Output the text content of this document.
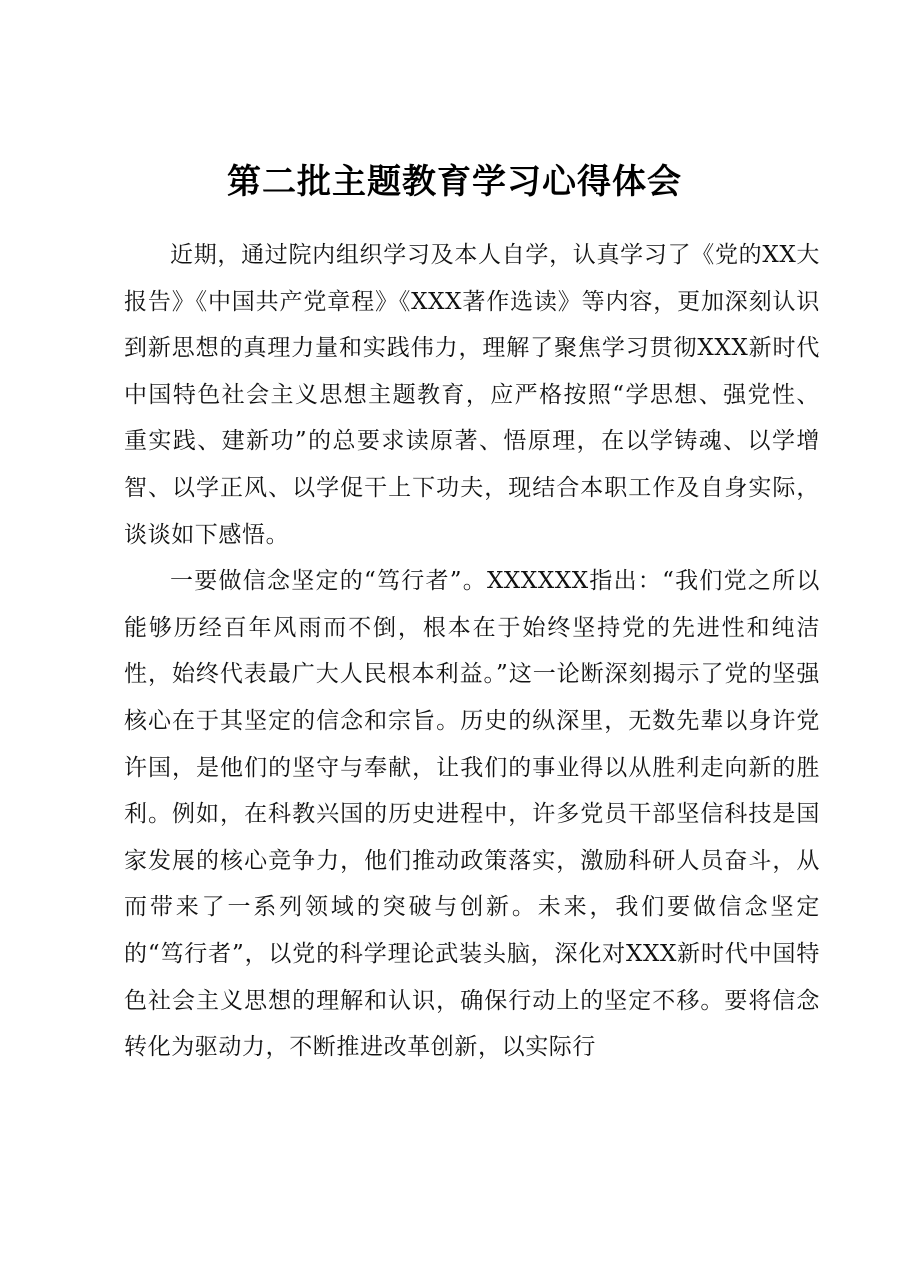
第二批主题教育学习心得体会

近期，通过院内组织学习及本人自学，认真学习了《党的XX大报告》《中国共产党章程》《XXX著作选读》等内容，更加深刻认识到新思想的真理力量和实践伟力，理解了聚焦学习贯彻XXX新时代中国特色社会主义思想主题教育，应严格按照“学思想、强党性、重实践、建新功”的总要求读原著、悟原理，在以学铸魂、以学增智、以学正风、以学促干上下功夫，现结合本职工作及自身实际，谈谈如下感悟。

一要做信念坚定的“笃行者”。XXXXXX指出：“我们党之所以能够历经百年风雨而不倒，根本在于始终坚持党的先进性和纯洁性，始终代表最广大人民根本利益。”这一论断深刻揭示了党的坚强核心在于其坚定的信念和宗旨。历史的纵深里，无数先辈以身许党许国，是他们的坚守与奉献，让我们的事业得以从胜利走向新的胜利。例如，在科教兴国的历史进程中，许多党员干部坚信科技是国家发展的核心竞争力，他们推动政策落实，激励科研人员奋斗，从而带来了一系列领域的突破与创新。未来，我们要做信念坚定的“笃行者”，以党的科学理论武装头脑，深化对XXX新时代中国特色社会主义思想的理解和认识，确保行动上的坚定不移。要将信念转化为驱动力，不断推进改革创新，以实际行
